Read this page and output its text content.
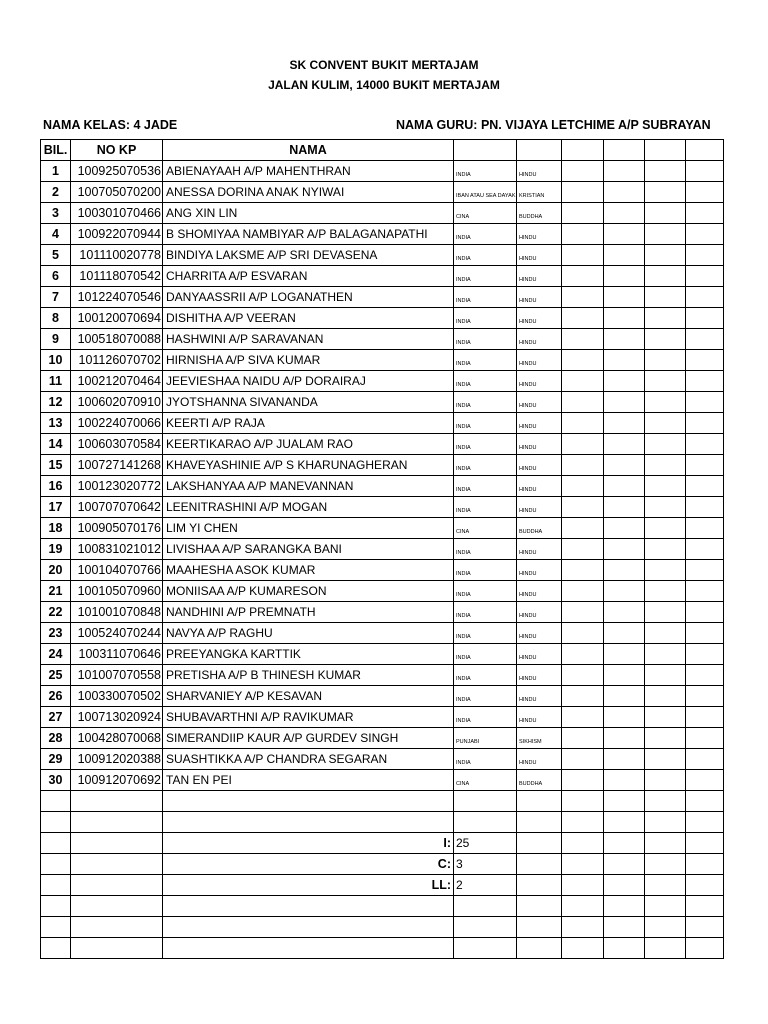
SK CONVENT BUKIT MERTAJAM
JALAN KULIM, 14000 BUKIT MERTAJAM
NAMA KELAS: 4 JADE	NAMA GURU: PN. VIJAYA LETCHIME A/P SUBRAYAN
BIL.	NO KP	NAMA						
1	100925070536	ABIENAYAAH A/P MAHENTHRAN	INDIA	HINDU				
2	100705070200	ANESSA DORINA ANAK NYIWAI	IBAN ATAU SEA DAYAK	KRISTIAN				
3	100301070466	ANG XIN LIN	CINA	BUDDHA				
4	100922070944	B SHOMIYAA NAMBIYAR A/P BALAGANAPATHI	INDIA	HINDU				
5	101110020778	BINDIYA LAKSME A/P SRI DEVASENA	INDIA	HINDU				
6	101118070542	CHARRITA A/P ESVARAN	INDIA	HINDU				
7	101224070546	DANYAASSRII A/P LOGANATHEN	INDIA	HINDU				
8	100120070694	DISHITHA A/P VEERAN	INDIA	HINDU				
9	100518070088	HASHWINI A/P SARAVANAN	INDIA	HINDU				
10	101126070702	HIRNISHA A/P SIVA KUMAR	INDIA	HINDU				
11	100212070464	JEEVIESHAA NAIDU A/P DORAIRAJ	INDIA	HINDU				
12	100602070910	JYOTSHANNA SIVANANDA	INDIA	HINDU				
13	100224070066	KEERTI A/P RAJA	INDIA	HINDU				
14	100603070584	KEERTIKARAO A/P JUALAM RAO	INDIA	HINDU				
15	100727141268	KHAVEYASHINIE A/P S KHARUNAGHERAN	INDIA	HINDU				
16	100123020772	LAKSHANYAA A/P MANEVANNAN	INDIA	HINDU				
17	100707070642	LEENITRASHINI A/P MOGAN	INDIA	HINDU				
18	100905070176	LIM YI CHEN	CINA	BUDDHA				
19	100831021012	LIVISHAA A/P SARANGKA BANI	INDIA	HINDU				
20	100104070766	MAAHESHA ASOK KUMAR	INDIA	HINDU				
21	100105070960	MONIISAA A/P KUMARESON	INDIA	HINDU				
22	101001070848	NANDHINI A/P PREMNATH	INDIA	HINDU				
23	100524070244	NAVYA A/P RAGHU	INDIA	HINDU				
24	100311070646	PREEYANGKA KARTTIK	INDIA	HINDU				
25	101007070558	PRETISHA A/P B THINESH KUMAR	INDIA	HINDU				
26	100330070502	SHARVANIEY A/P KESAVAN	INDIA	HINDU				
27	100713020924	SHUBAVARTHNI A/P RAVIKUMAR	INDIA	HINDU				
28	100428070068	SIMERANDIIP KAUR A/P GURDEV SINGH	PUNJABI	SIKHISM				
29	100912020388	SUASHTIKKA A/P CHANDRA SEGARAN	INDIA	HINDU				
30	100912070692	TAN EN PEI	CINA	BUDDHA				

		I:	25					
		C:	3					
		LL:	2					
